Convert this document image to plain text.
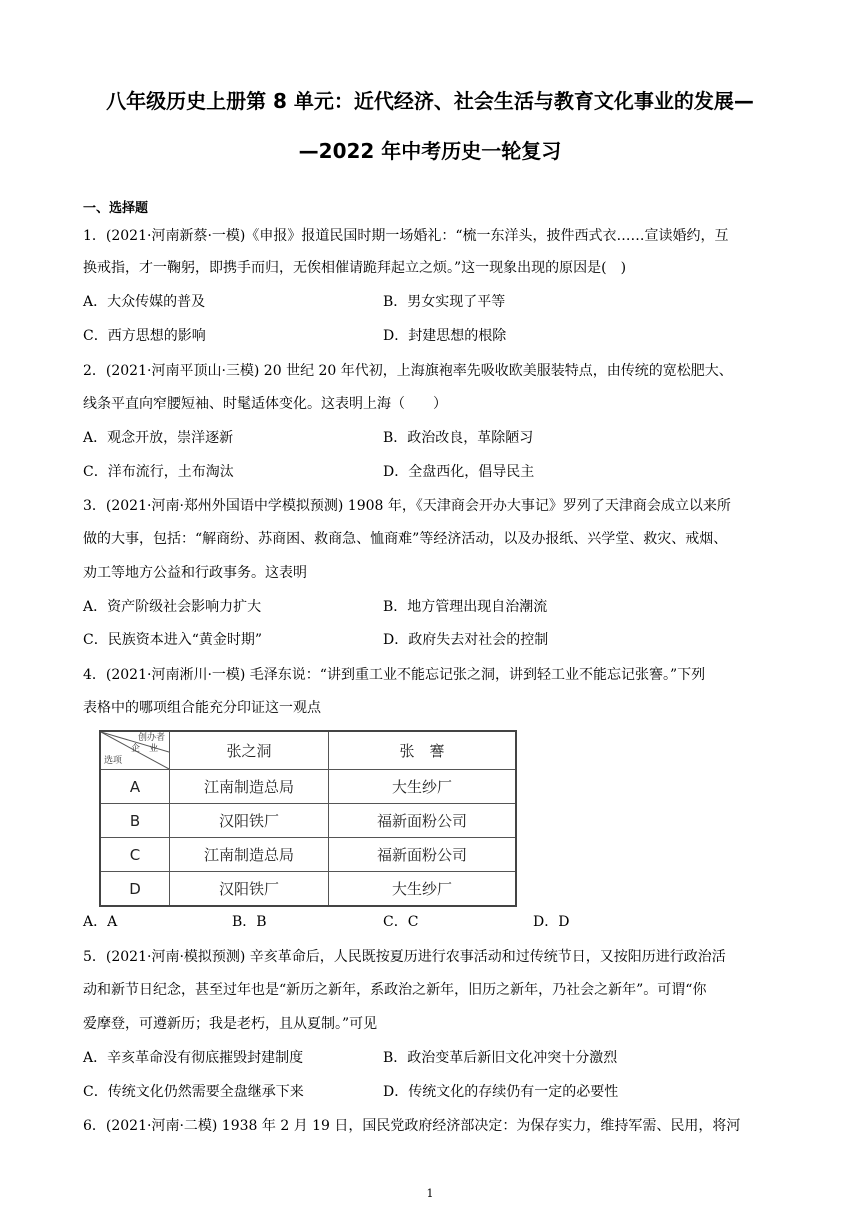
八年级历史上册第 8 单元：近代经济、社会生活与教育文化事业的发展—
—2022 年中考历史一轮复习
一、选择题
1．(2021·河南新蔡·一模)《申报》报道民国时期一场婚礼：“梳一东洋头，披件西式衣……宣读婚约，互
换戒指，才一鞠躬，即携手而归，无俟相催请跪拜起立之烦。”这一现象出现的原因是( )
A．大众传媒的普及	B．男女实现了平等
C．西方思想的影响	D．封建思想的根除
2．(2021·河南平顶山·三模) 20 世纪 20 年代初，上海旗袍率先吸收欧美服装特点，由传统的宽松肥大、
线条平直向窄腰短袖、时髦适体变化。这表明上海（　　）
A．观念开放，崇洋逐新	B．政治改良，革除陋习
C．洋布流行，土布淘汰	D．全盘西化，倡导民主
3．(2021·河南·郑州外国语中学模拟预测) 1908 年，《天津商会开办大事记》罗列了天津商会成立以来所
做的大事，包括：“解商纷、苏商困、救商急、恤商难”等经济活动，以及办报纸、兴学堂、救灾、戒烟、
劝工等地方公益和行政事务。这表明
A．资产阶级社会影响力扩大	B．地方管理出现自治潮流
C．民族资本进入“黄金时期”	D．政府失去对社会的控制
4．(2021·河南淅川·一模) 毛泽东说：“讲到重工业不能忘记张之洞，讲到轻工业不能忘记张謇。”下列
表格中的哪项组合能充分印证这一观点
创办者
企 业
选项	张之洞	张 謇
A	江南制造总局	大生纱厂
B	汉阳铁厂	福新面粉公司
C	江南制造总局	福新面粉公司
D	汉阳铁厂	大生纱厂
A．A	B．B	C．C	D．D
5．(2021·河南·模拟预测) 辛亥革命后，人民既按夏历进行农事活动和过传统节日，又按阳历进行政治活
动和新节日纪念，甚至过年也是“新历之新年，系政治之新年，旧历之新年，乃社会之新年”。可谓“你
爱摩登，可遵新历；我是老朽，且从夏制。”可见
A．辛亥革命没有彻底摧毁封建制度	B．政治变革后新旧文化冲突十分激烈
C．传统文化仍然需要全盘继承下来	D．传统文化的存续仍有一定的必要性
6．(2021·河南·二模) 1938 年 2 月 19 日，国民党政府经济部决定：为保存实力，维持军需、民用，将河
1
